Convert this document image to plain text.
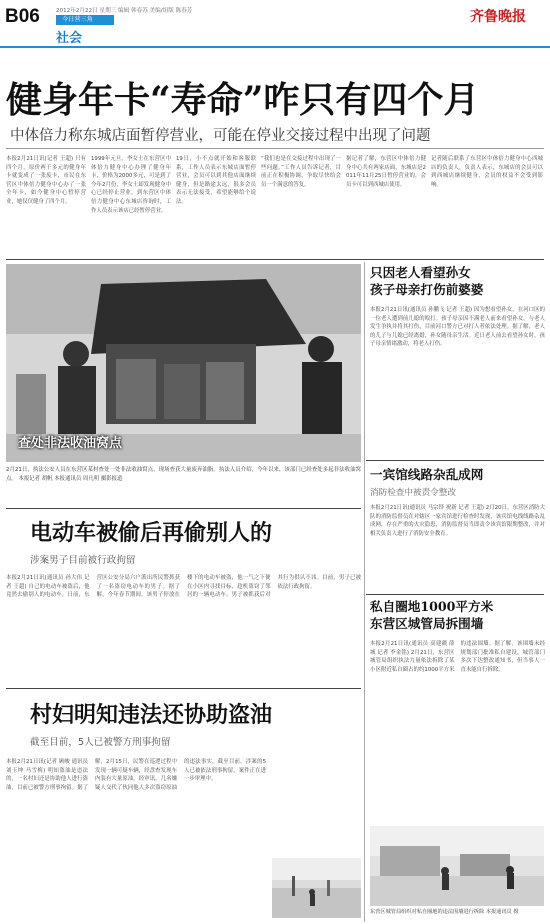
B06	2012年2月22日 星期三 编辑 韩春苏 美编/组版 陈春芳
今日营三角
社会
齐鲁晚报
健身年卡“寿命”咋只有四个月
中体倍力称东城店面暂停营业，可能在停业交接过程中出现了问题
本报2月21日讯(记者 王超) 只有四个月，原价两千多元的健身年卡就变成了一张废卡，市民在东营区中体倍力健身中心办了一张全年卡，如今健身中心暂停营业，她仅仅健身了四个月。
1999年元旦，李女士在东营区中体倍力健身中心办理了健身年卡，价格为2000多元，可是到了今年2月份，李女士却发现健身中心已经停止营业，到东营区中体倍力健身中心东城店咨询时，工作人员表示该店已经暂停营业。
19日，小不点就开始和客服联系，工作人员表示东城店面暂停营业，会员可以到其他店面继续健身，但是路途太远，很多会员表示无法接受，希望能够给个说法。
“我们也是在交接过程中出现了一些问题。”工作人员告诉记者，目前正在积极协调，争取尽快给会员一个满意的答复。
据记者了解，东营区中体倍力健身中心共有两家店面，东城店是2011年11月25日暂停营业的，会员卡可以到西城店使用。
记者随后联系了东营区中体倍力健身中心西城店的负责人，负责人表示，东城店的会员可以到西城店继续健身，会员的权益不会受到影响。
查处非法收油窝点
2月21日，执法公安人员在东营区某村查处一处非法收油窝点，现场查获大量废弃油脂。执法人员介绍，今年以来，该部门已经查处多起非法收油窝点。 本报记者 胡帆 本报通讯员 周凡明 摄影报道
只因老人看望孙女
孩子母亲打伤前婆婆
本报2月21日讯(通讯员 孙鹏飞 记者 王超) 因为想看望孙女，在河口区的一位老人遭到前儿媳的殴打。孩子母亲因不满老人前来看望孙女，与老人发生争执并将其打伤，目前河口警方已对打人者依法处理。据了解，老人的儿子与儿媳已经离婚，孙女随母亲生活。近日老人前去看望孙女时，孩子母亲情绪激动，将老人打伤。
一宾馆线路杂乱成网
消防检查中被责令整改
本报2月21日讯(通讯员 马宗铎 祝新 记者 王超) 2月20日，东营区消防大队的消防监督员在对辖区一家宾馆进行检查时发现，该宾馆电线线路杂乱成网，存在严重的火灾隐患，消防监督员当即责令该宾馆限期整改，并对相关负责人进行了消防安全教育。
电动车被偷后再偷别人的
涉案男子目前被行政拘留
本报2月21日讯(通讯员 孙大伟 记者 王超) 自己的电动车被盗后，他竟然去偷别人的电动车。日前，东营区公安分局六户派出所民警抓获了一名盗窃电动车的男子。据了解，今年春节期间，该男子停放在楼下的电动车被盗，他一气之下便在小区内寻找目标，趁机盗窃了邻居的一辆电动车。男子被抓获后对其行为供认不讳。目前，男子已被依法行政拘留。
私自圈地1000平方米
东营区城管局拆围墙
本报2月21日讯(通讯员 高建疆 薛城 记者 李金铭) 2月21日，东营区城管局组织执法力量依法拆除了某小区附近私自圈占的约1000平方米的违法围墙。据了解，该围墙未经规划部门批准私自建设，城管部门多次下达整改通知书，但当事人一直未能自行拆除。
东营区城管局组织对私自圈地的违法围墙进行拆除 本报通讯员 摄
村妇明知违法还协助盗油
截至目前，5人已被警方刑事拘留
本报2月21日讯(记者 顾峻 通讯员 刘玉坤 马雪梅) 明知盗油是违法的，一名村妇还是协助他人进行盗油，目前已被警方刑事拘留。据了解，2月15日，民警在巡逻过程中发现一辆可疑车辆，经盘查发现车内装有大量原油。经审讯，几名嫌疑人交代了伙同他人多次盗窃原油的违法事实。截至目前，涉案的5人已被依法刑事拘留，案件正在进一步审理中。
